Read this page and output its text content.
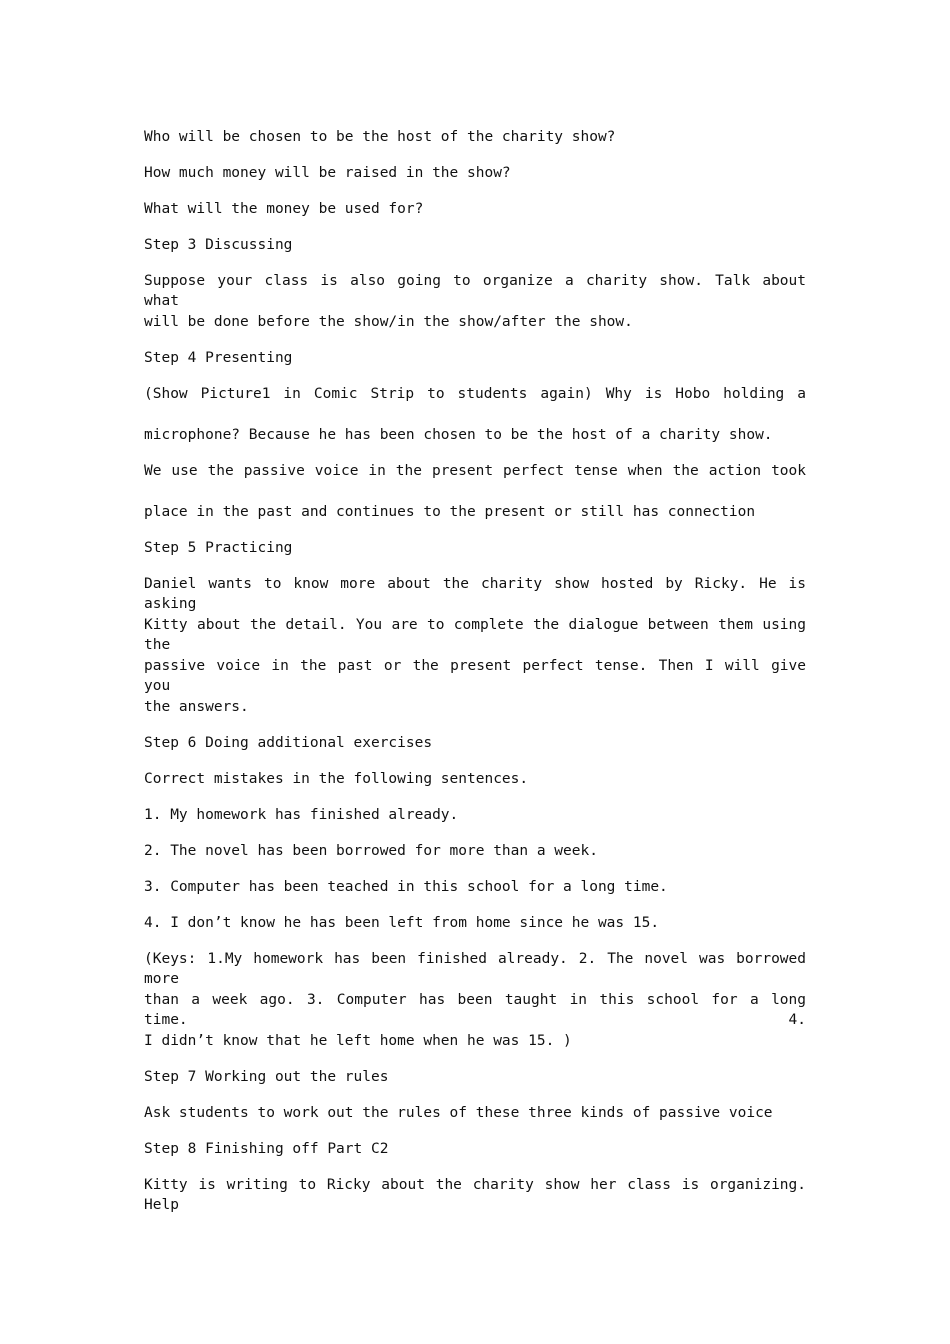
Who will be chosen to be the host of the charity show?
How much money will be raised in the show?
What will the money be used for?
Step 3 Discussing
Suppose your class is also going to organize a charity show. Talk about what
will be done before the show/in the show/after the show.
Step 4 Presenting
(Show Picture1 in Comic Strip to students again) Why is Hobo holding a
microphone? Because he has been chosen to be the host of a charity show.
We use the passive voice in the present perfect tense when the action took
place in the past and continues to the present or still has connection
Step 5 Practicing
Daniel wants to know more about the charity show hosted by Ricky. He is asking
Kitty about the detail. You are to complete the dialogue between them using the
passive voice in the past or the present perfect tense. Then I will give you
the answers.
Step 6 Doing additional exercises
Correct mistakes in the following sentences.
1. My homework has finished already.
2. The novel has been borrowed for more than a week.
3. Computer has been teached in this school for a long time.
4. I don’t know he has been left from home since he was 15.
(Keys: 1.My homework has been finished already. 2. The novel was borrowed more
than a week ago. 3. Computer has been taught in this school for a long time. 4.
I didn’t know that he left home when he was 15. )
Step 7 Working out the rules
Ask students to work out the rules of these three kinds of passive voice
Step 8 Finishing off Part C2
Kitty is writing to Ricky about the charity show her class is organizing. Help
